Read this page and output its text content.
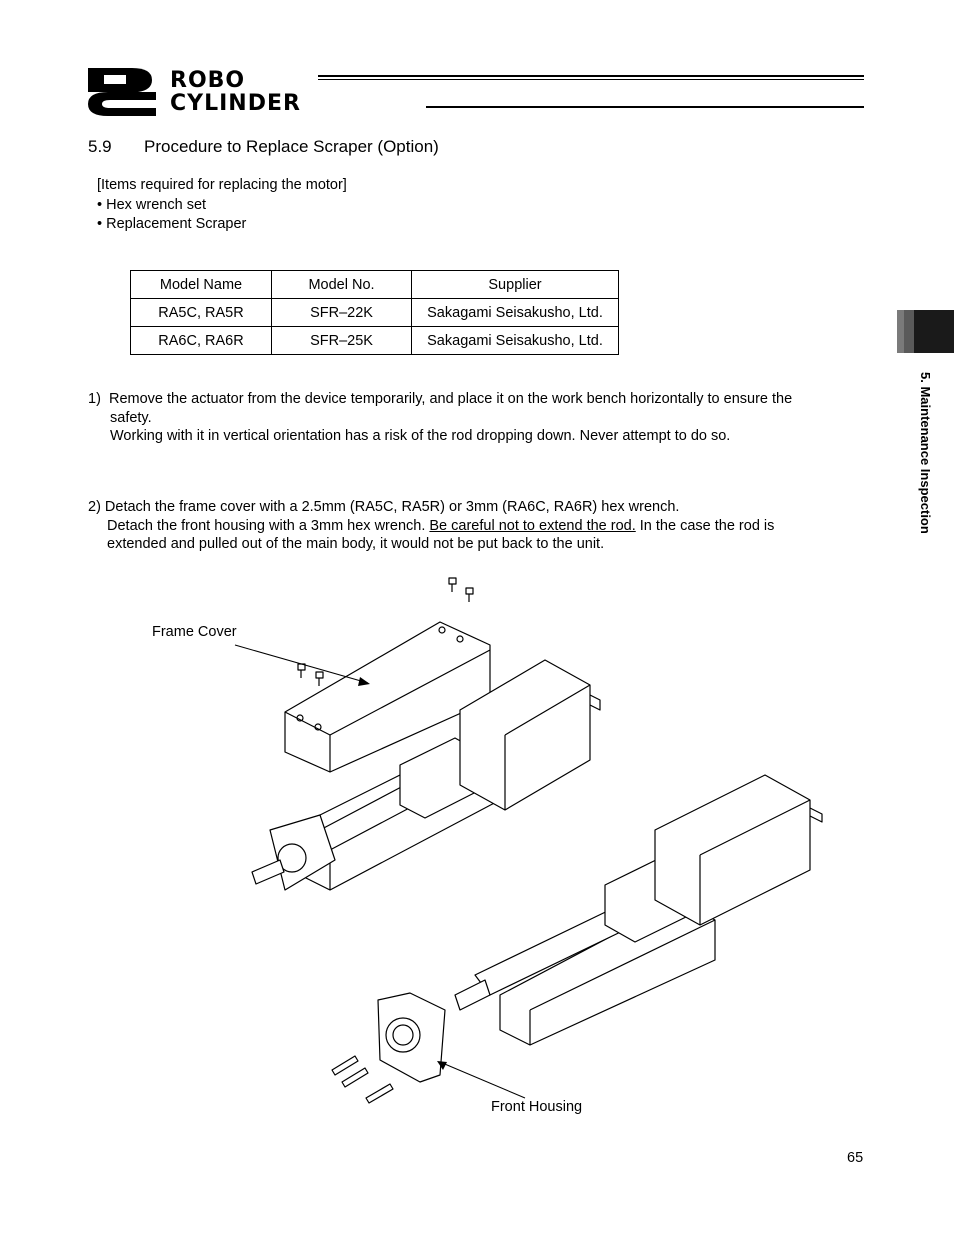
ROBO
CYLINDER
5.9 Procedure to Replace Scraper (Option)
[Items required for replacing the motor]
• Hex wrench set
• Replacement Scraper
Model Name	Model No.	Supplier
RA5C, RA5R	SFR–22K	Sakagami Seisakusho, Ltd.
RA6C, RA6R	SFR–25K	Sakagami Seisakusho, Ltd.
1) Remove the actuator from the device temporarily, and place it on the work bench horizontally to ensure the
safety.
Working with it in vertical orientation has a risk of the rod dropping down. Never attempt to do so.
2) Detach the frame cover with a 2.5mm (RA5C, RA5R) or 3mm (RA6C, RA6R) hex wrench.
Detach the front housing with a 3mm hex wrench. Be careful not to extend the rod. In the case the rod is
extended and pulled out of the main body, it would not be put back to the unit.
Frame Cover
Front Housing
5. Maintenance Inspection
65
